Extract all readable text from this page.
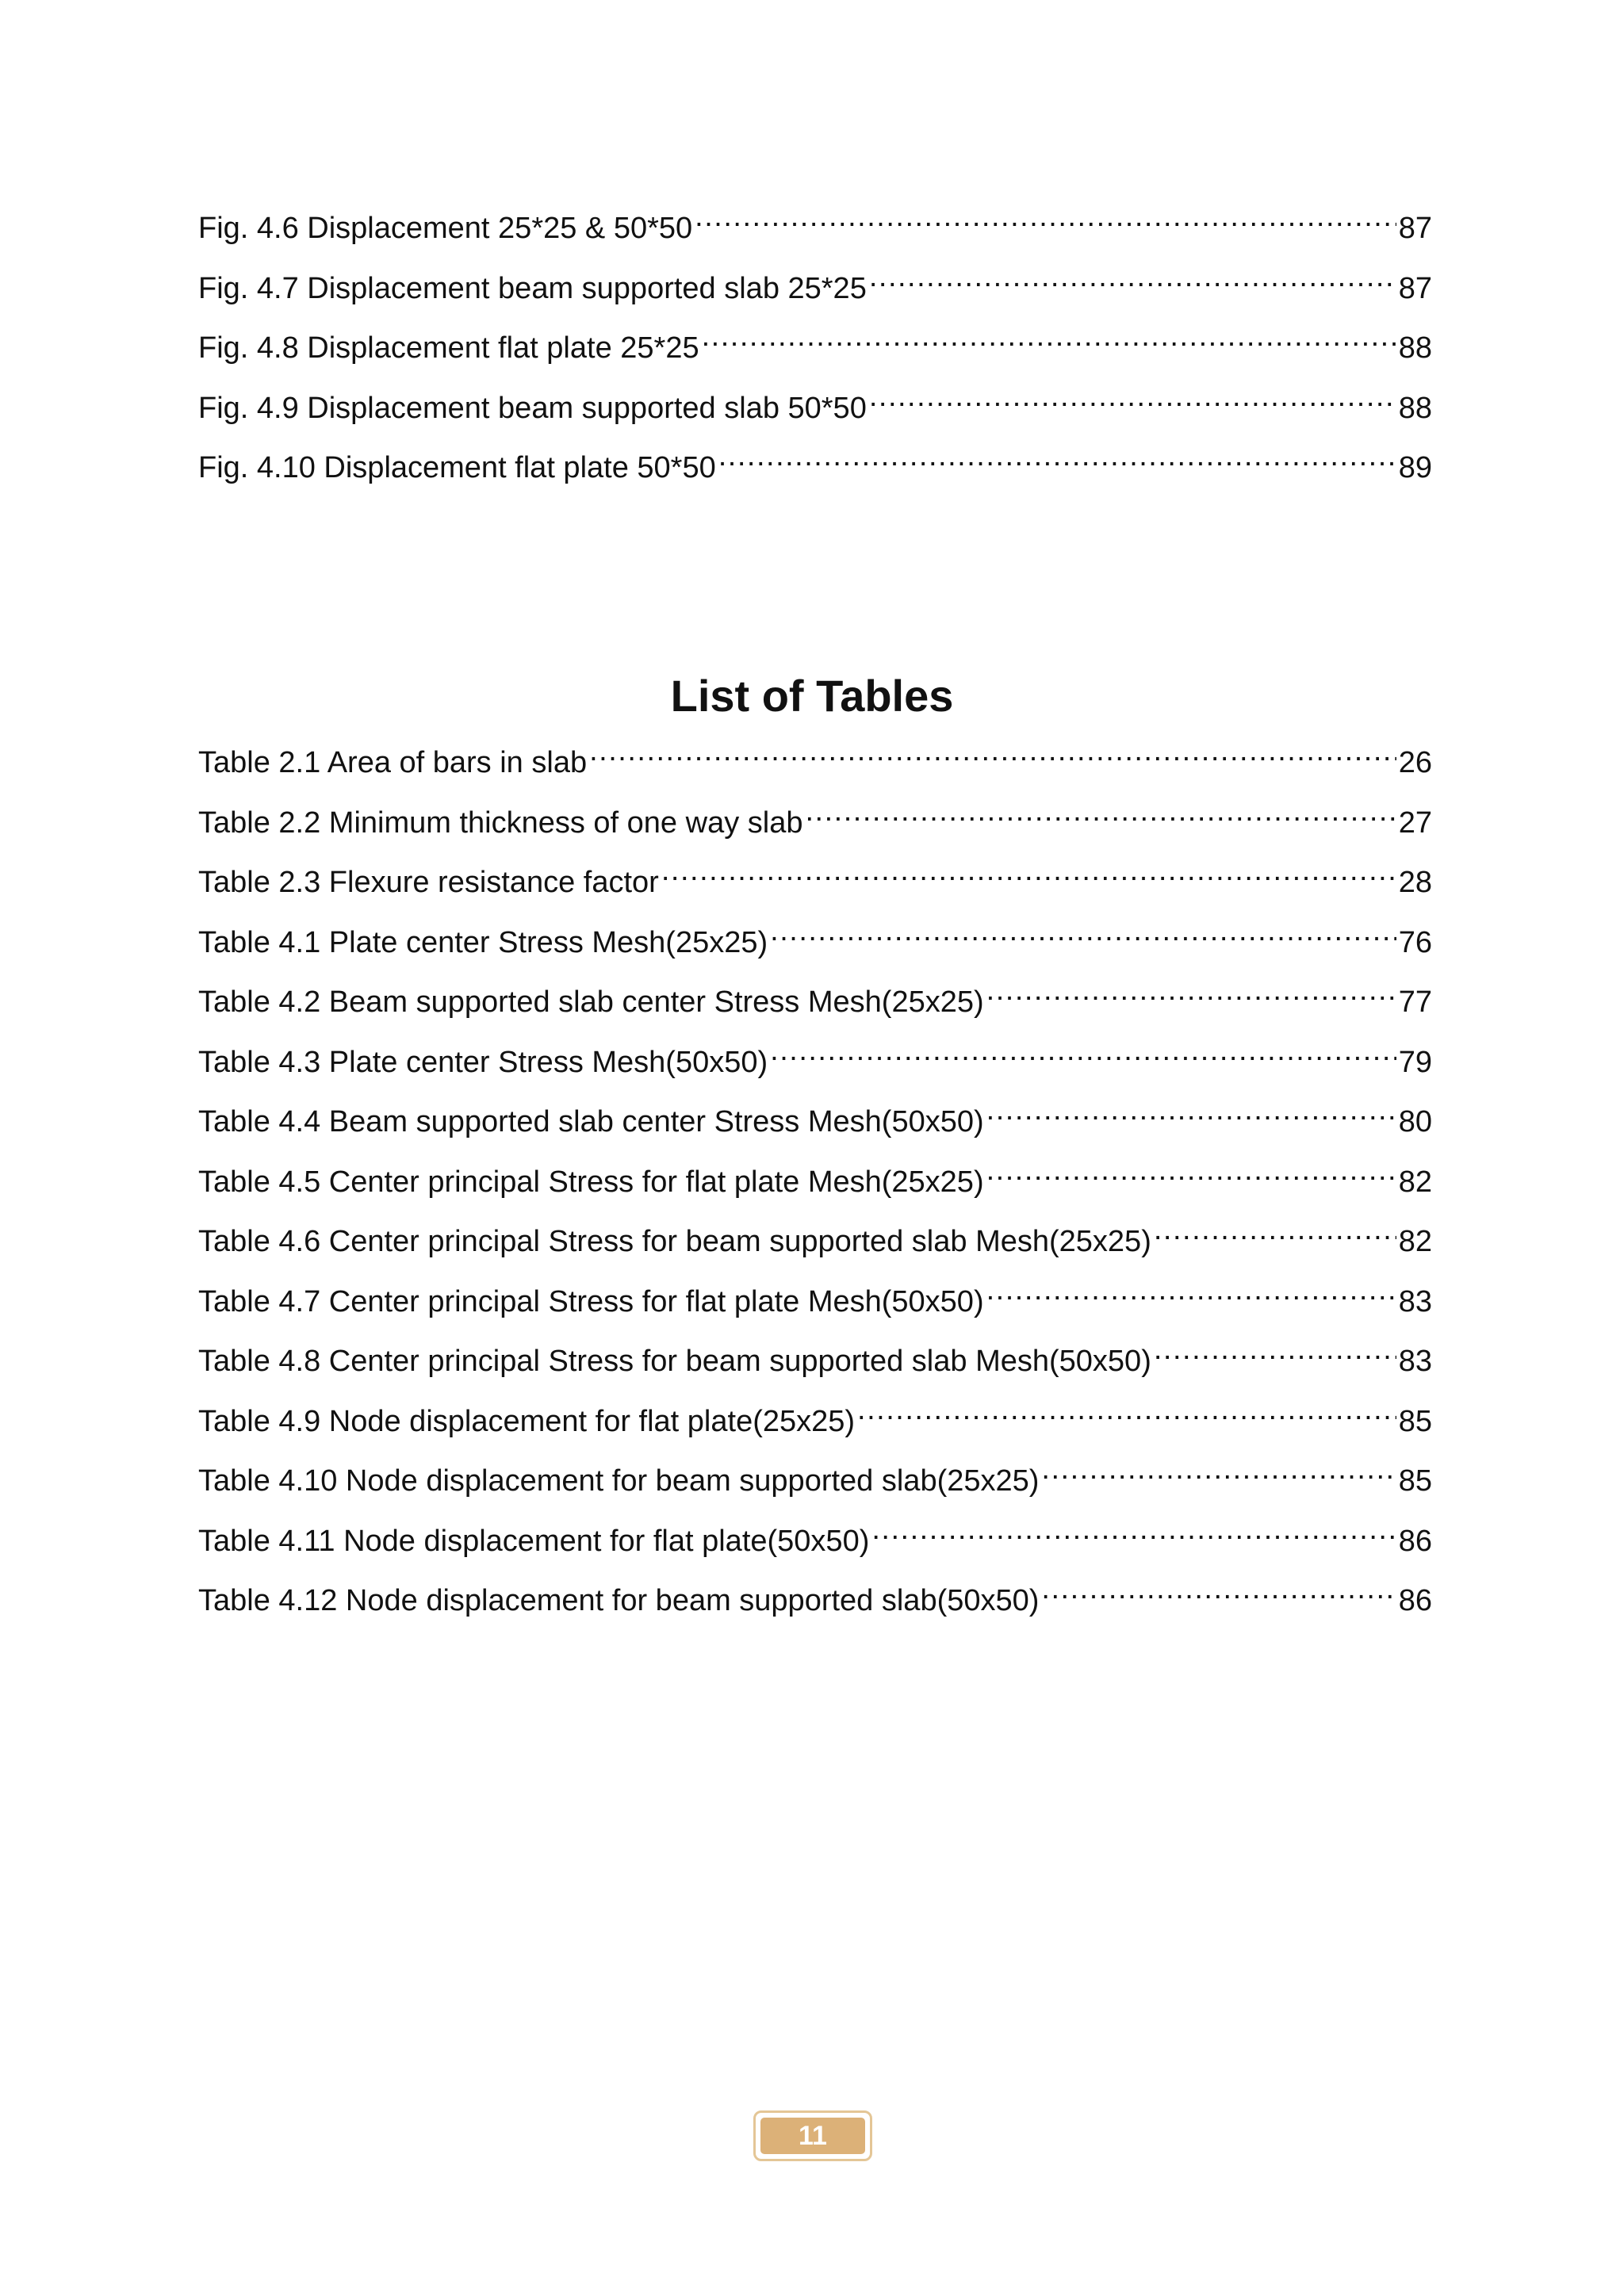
Fig. 4.6 Displacement 25*25 & 50*50 .....	87
Fig. 4.7 Displacement beam supported slab 25*25 .....	87
Fig. 4.8 Displacement flat plate 25*25 .....	88
Fig. 4.9 Displacement beam supported slab 50*50 .....	88
Fig. 4.10 Displacement flat plate 50*50 .....	89
List of Tables
Table 2.1 Area of bars in slab .....	26
Table 2.2 Minimum thickness of one way slab .....	27
Table 2.3 Flexure resistance factor .....	28
Table 4.1 Plate center Stress Mesh(25x25) .....	76
Table 4.2 Beam supported slab center Stress Mesh(25x25) .....	77
Table 4.3 Plate center Stress Mesh(50x50) .....	79
Table 4.4 Beam supported slab center Stress Mesh(50x50) .....	80
Table 4.5 Center principal Stress for flat plate Mesh(25x25) .....	82
Table 4.6 Center principal Stress for beam supported slab Mesh(25x25) .....	82
Table 4.7 Center principal Stress for flat plate Mesh(50x50) .....	83
Table 4.8 Center principal Stress for beam supported slab Mesh(50x50) .....	83
Table 4.9 Node displacement for flat plate(25x25) .....	85
Table 4.10 Node displacement for beam supported slab(25x25) .....	85
Table 4.11 Node displacement for flat plate(50x50) .....	86
Table 4.12 Node displacement for beam supported slab(50x50) .....	86
11
